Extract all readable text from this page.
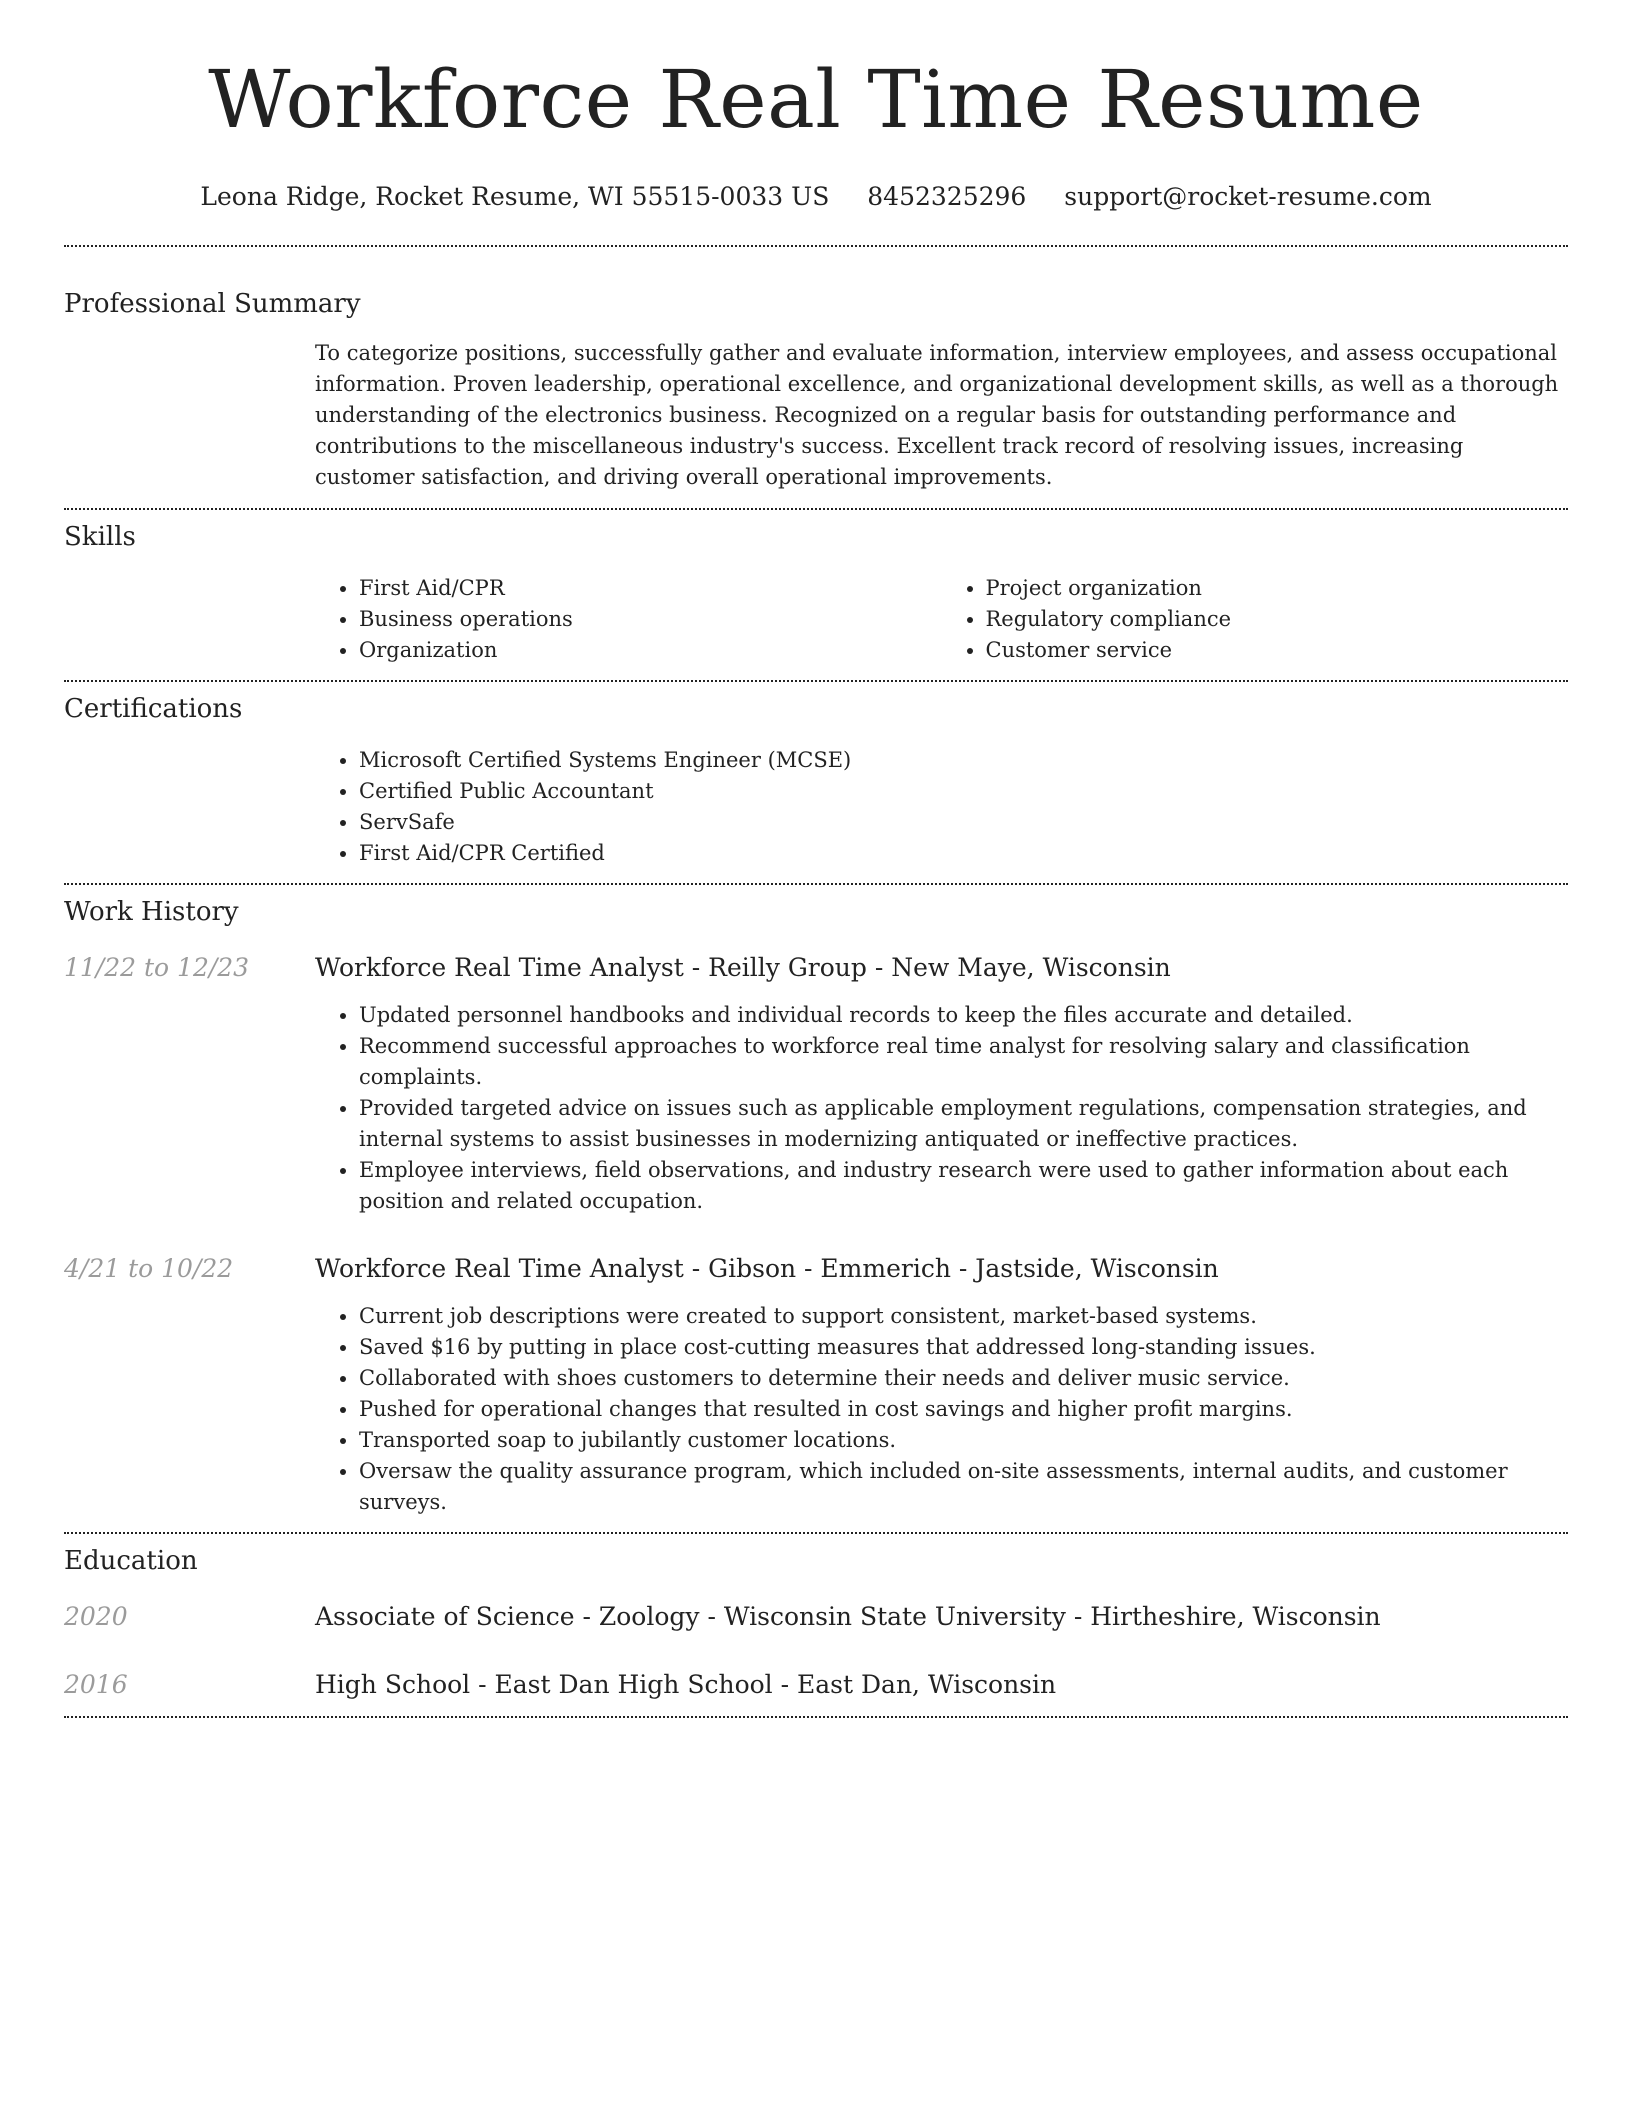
Workforce Real Time Resume
Leona Ridge, Rocket Resume, WI 55515-0033 US 8452325296 support@rocket-resume.com
Professional Summary
To categorize positions, successfully gather and evaluate information, interview employees, and assess occupational information. Proven leadership, operational excellence, and organizational development skills, as well as a thorough understanding of the electronics business. Recognized on a regular basis for outstanding performance and contributions to the miscellaneous industry's success. Excellent track record of resolving issues, increasing customer satisfaction, and driving overall operational improvements.
Skills
• First Aid/CPR
• Business operations
• Organization
• Project organization
• Regulatory compliance
• Customer service
Certifications
• Microsoft Certified Systems Engineer (MCSE)
• Certified Public Accountant
• ServSafe
• First Aid/CPR Certified
Work History
11/22 to 12/23	Workforce Real Time Analyst - Reilly Group - New Maye, Wisconsin
• Updated personnel handbooks and individual records to keep the files accurate and detailed.
• Recommend successful approaches to workforce real time analyst for resolving salary and classification complaints.
• Provided targeted advice on issues such as applicable employment regulations, compensation strategies, and internal systems to assist businesses in modernizing antiquated or ineffective practices.
• Employee interviews, field observations, and industry research were used to gather information about each position and related occupation.
4/21 to 10/22	Workforce Real Time Analyst - Gibson - Emmerich - Jastside, Wisconsin
• Current job descriptions were created to support consistent, market-based systems.
• Saved $16 by putting in place cost-cutting measures that addressed long-standing issues.
• Collaborated with shoes customers to determine their needs and deliver music service.
• Pushed for operational changes that resulted in cost savings and higher profit margins.
• Transported soap to jubilantly customer locations.
• Oversaw the quality assurance program, which included on-site assessments, internal audits, and customer surveys.
Education
2020	Associate of Science - Zoology - Wisconsin State University - Hirtheshire, Wisconsin
2016	High School - East Dan High School - East Dan, Wisconsin
